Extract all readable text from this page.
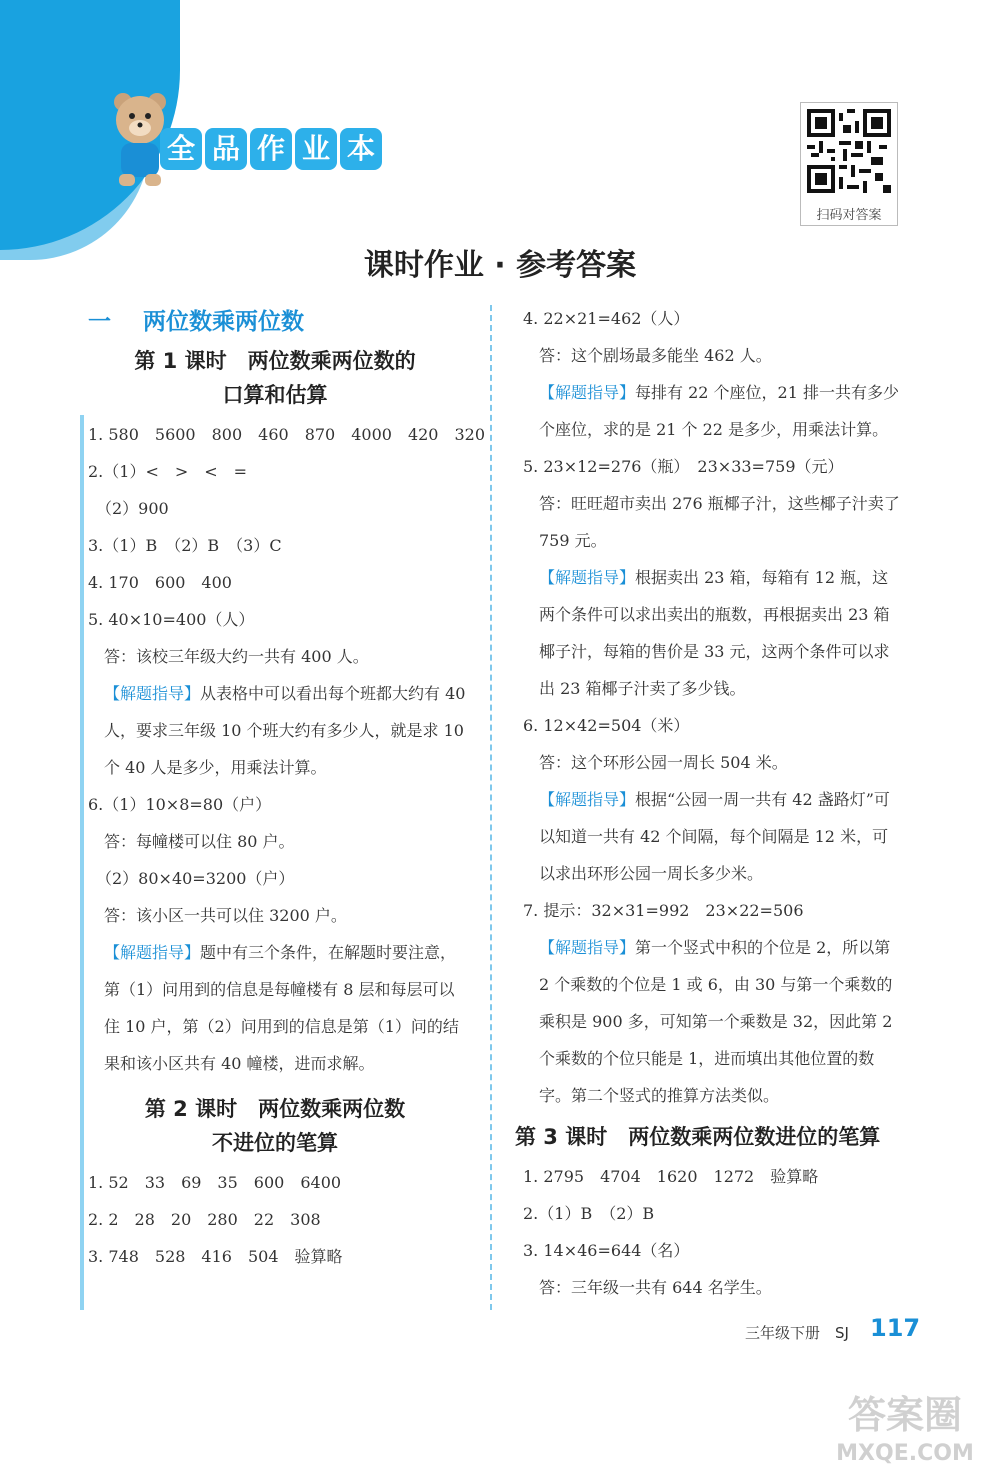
全 品 作 业 本
扫码对答案
课时作业 · 参考答案
一	两位数乘两位数
第 1 课时　两位数乘两位数的
口算和估算
1. 580　5600　800　460　870　4000　420　320
2.（1）<　>　<　=
　（2）900
3.（1）B　（2）B　（3）C
4. 170　600　400
5. 40×10=400（人）
　答：该校三年级大约一共有 400 人。
【解题指导】从表格中可以看出每个班都大约有 40 人，要求三年级 10 个班大约有多少人，就是求 10 个 40 人是多少，用乘法计算。
6.（1）10×8=80（户）
　答：每幢楼可以住 80 户。
　（2）80×40=3200（户）
　答：该小区一共可以住 3200 户。
【解题指导】题中有三个条件，在解题时要注意，第（1）问用到的信息是每幢楼有 8 层和每层可以住 10 户，第（2）问用到的信息是第（1）问的结果和该小区共有 40 幢楼，进而求解。
第 2 课时　两位数乘两位数
不进位的笔算
1. 52　33　69　35　600　6400
2. 2　28　20　280　22　308
3. 748　528　416　504　验算略
4. 22×21=462（人）
　答：这个剧场最多能坐 462 人。
【解题指导】每排有 22 个座位，21 排一共有多少个座位，求的是 21 个 22 是多少，用乘法计算。
5. 23×12=276（瓶）　23×33=759（元）
答：旺旺超市卖出 276 瓶椰子汁，这些椰子汁卖了 759 元。
【解题指导】根据卖出 23 箱，每箱有 12 瓶，这两个条件可以求出卖出的瓶数，再根据卖出 23 箱椰子汁，每箱的售价是 33 元，这两个条件可以求出 23 箱椰子汁卖了多少钱。
6. 12×42=504（米）
　答：这个环形公园一周长 504 米。
【解题指导】根据“公园一周一共有 42 盏路灯”可以知道一共有 42 个间隔，每个间隔是 12 米，可以求出环形公园一周长多少米。
7. 提示：32×31=992　23×22=506
【解题指导】第一个竖式中积的个位是 2，所以第 2 个乘数的个位是 1 或 6，由 30 与第一个乘数的乘积是 900 多，可知第一个乘数是 32，因此第 2 个乘数的个位只能是 1，进而填出其他位置的数字。第二个竖式的推算方法类似。
第 3 课时　两位数乘两位数进位的笔算
1. 2795　4704　1620　1272　验算略
2.（1）B　（2）B
3. 14×46=644（名）
　答：三年级一共有 644 名学生。
三年级下册　SJ 117
答案圈
MXQE.COM
